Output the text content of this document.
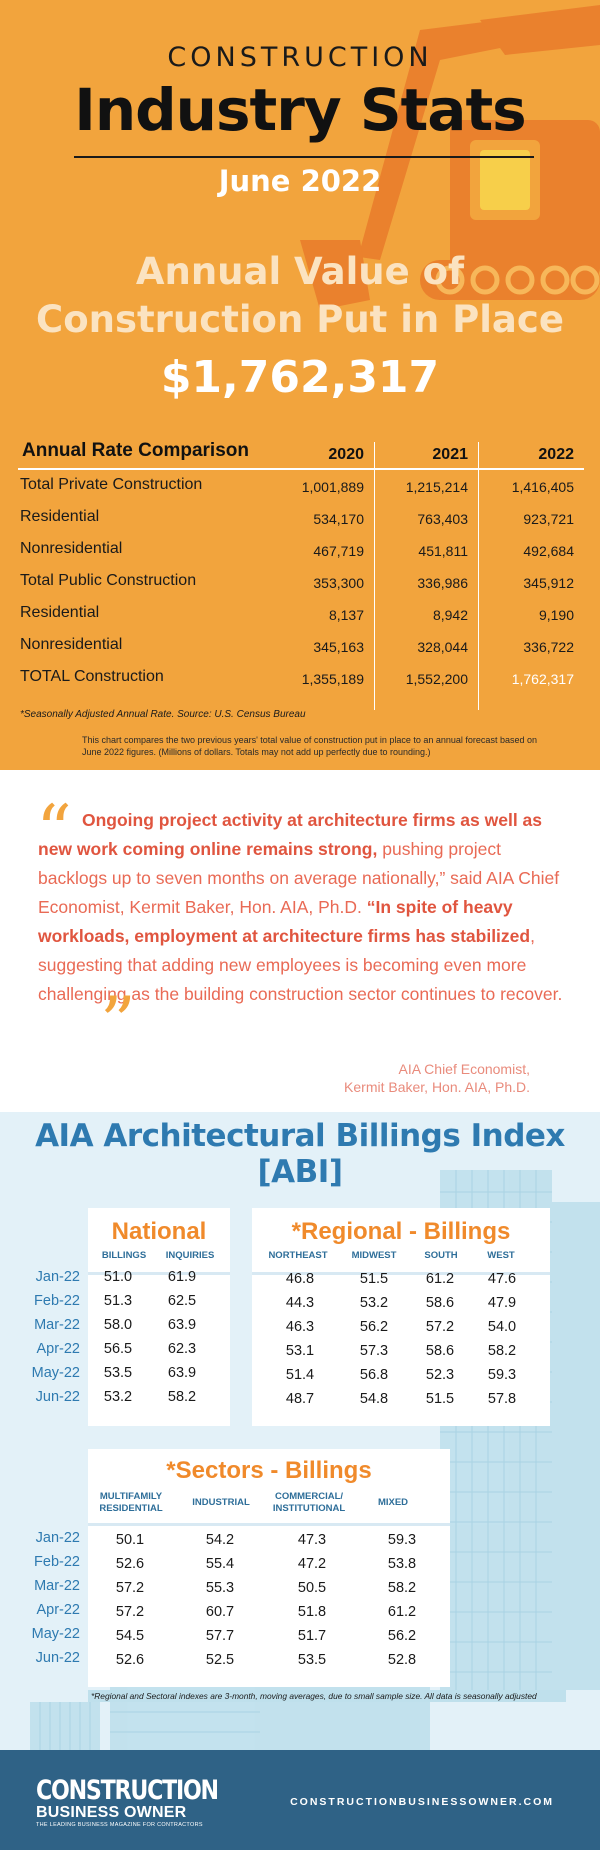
CONSTRUCTION
Industry Stats
June 2022
Annual Value of
Construction Put in Place
$1,762,317
Annual Rate Comparison	2020	2021	2022
Total Private Construction	1,001,889	1,215,214	1,416,405
Residential	534,170	763,403	923,721
Nonresidential	467,719	451,811	492,684
Total Public Construction	353,300	336,986	345,912
Residential	8,137	8,942	9,190
Nonresidential	345,163	328,044	336,722
TOTAL Construction	1,355,189	1,552,200	1,762,317
*Seasonally Adjusted Annual Rate. Source: U.S. Census Bureau
This chart compares the two previous years' total value of construction put in place to an annual forecast based on June 2022 figures. (Millions of dollars. Totals may not add up perfectly due to rounding.)
“ Ongoing project activity at architecture firms as well as new work coming online remains strong, pushing project backlogs up to seven months on average nationally,” said AIA Chief Economist, Kermit Baker, Hon. AIA, Ph.D. “In spite of heavy workloads, employment at architecture firms has stabilized, suggesting that adding new employees is becoming even more challenging as the building construction sector continues to recover.
”
AIA Chief Economist,
Kermit Baker, Hon. AIA, Ph.D.
AIA Architectural Billings Index [ABI]
National
BILLINGS	INQUIRIES
*Regional - Billings
NORTHEAST	MIDWEST	SOUTH	WEST
*Sectors - Billings
MULTIFAMILY RESIDENTIAL
INDUSTRIAL
COMMERCIAL/ INSTITUTIONAL
MIXED
Jan-22	51.0	61.9	46.8	51.5	61.2	47.6
Feb-22	51.3	62.5	44.3	53.2	58.6	47.9
Mar-22	58.0	63.9	46.3	56.2	57.2	54.0
Apr-22	56.5	62.3	53.1	57.3	58.6	58.2
May-22	53.5	63.9	51.4	56.8	52.3	59.3
Jun-22	53.2	58.2	48.7	54.8	51.5	57.8
Jan-22	50.1	54.2	47.3	59.3
Feb-22	52.6	55.4	47.2	53.8
Mar-22	57.2	55.3	50.5	58.2
Apr-22	57.2	60.7	51.8	61.2
May-22	54.5	57.7	51.7	56.2
Jun-22	52.6	52.5	53.5	52.8
*Regional and Sectoral indexes are 3-month, moving averages, due to small sample size. All data is seasonally adjusted
CONSTRUCTION
BUSINESS OWNER
THE LEADING BUSINESS MAGAZINE FOR CONTRACTORS
CONSTRUCTIONBUSINESSOWNER.COM
